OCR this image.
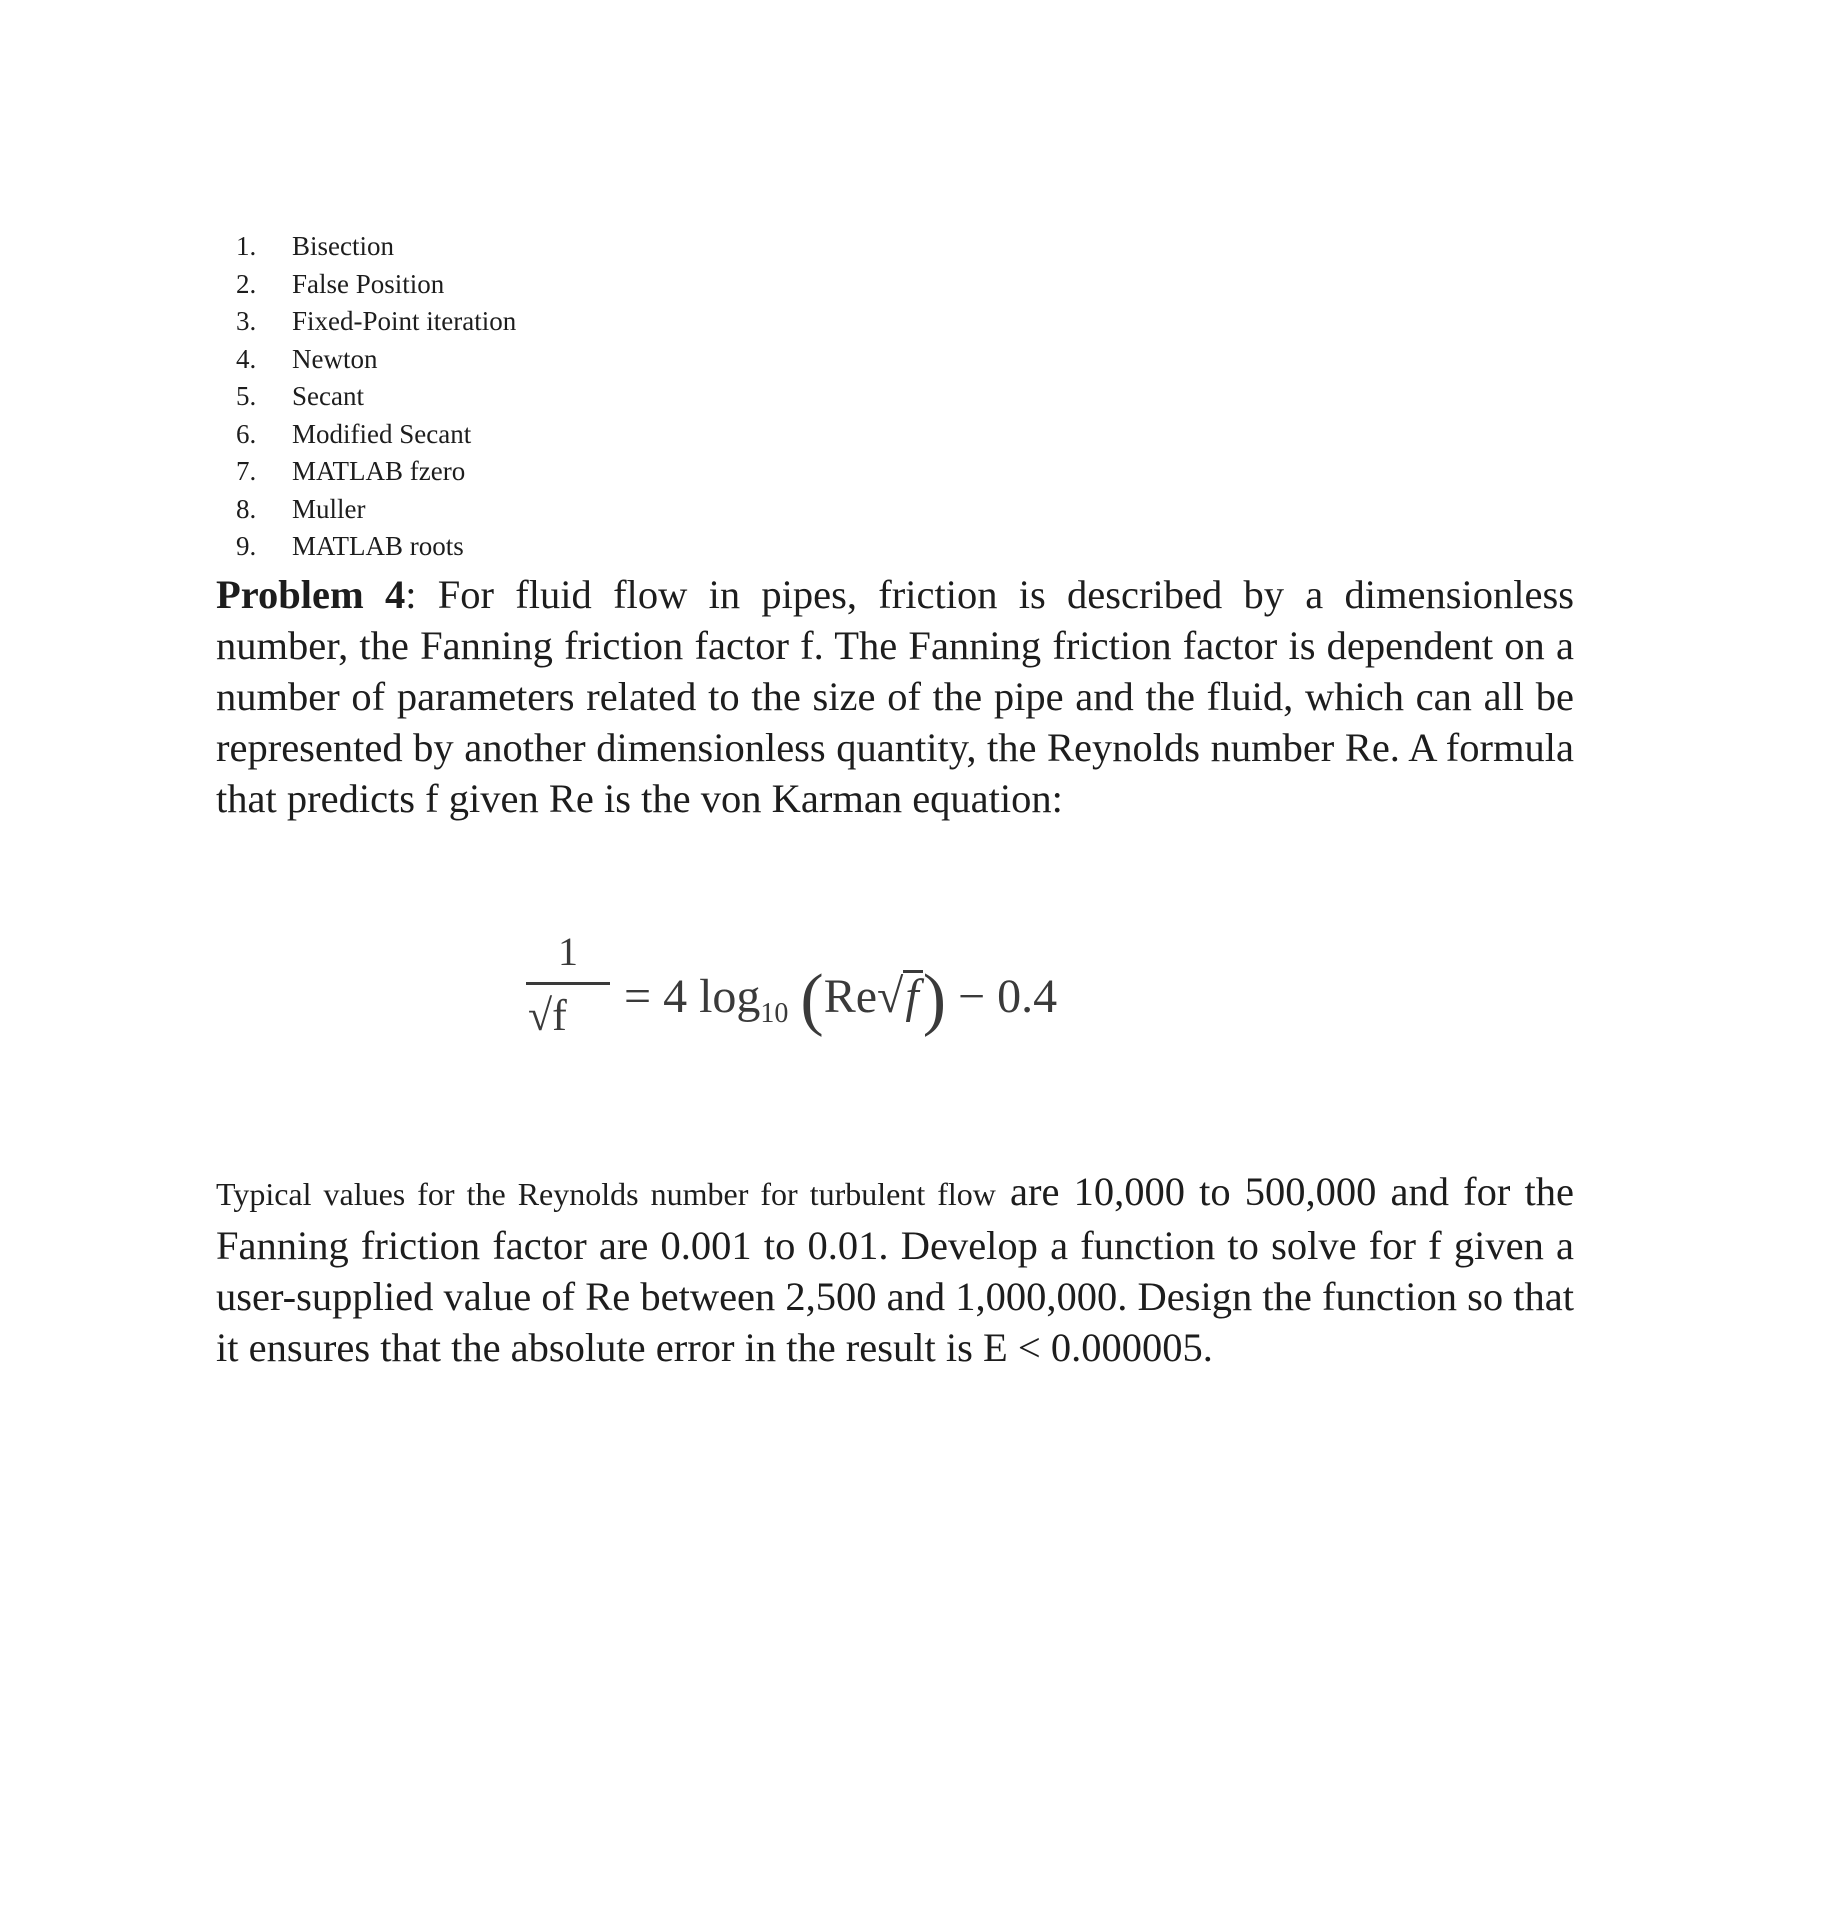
1. Bisection
2. False Position
3. Fixed-Point iteration
4. Newton
5. Secant
6. Modified Secant
7. MATLAB fzero
8. Muller
9. MATLAB roots

Problem 4: For fluid flow in pipes, friction is described by a dimensionless number, the Fanning friction factor f. The Fanning friction factor is dependent on a number of parameters related to the size of the pipe and the fluid, which can all be represented by another dimensionless quantity, the Reynolds number Re. A formula that predicts f given Re is the von Karman equation:

1
√f = 4 $\log_{10} (Re√f) - 0.4$

Typical values for the Reynolds number for turbulent flow are 10,000 to 500,000 and for the Fanning friction factor are 0.001 to 0.01. Develop a function to solve for f given a user-supplied value of Re between 2,500 and 1,000,000. Design the function so that it ensures that the absolute error in the result is E < 0.000005.
